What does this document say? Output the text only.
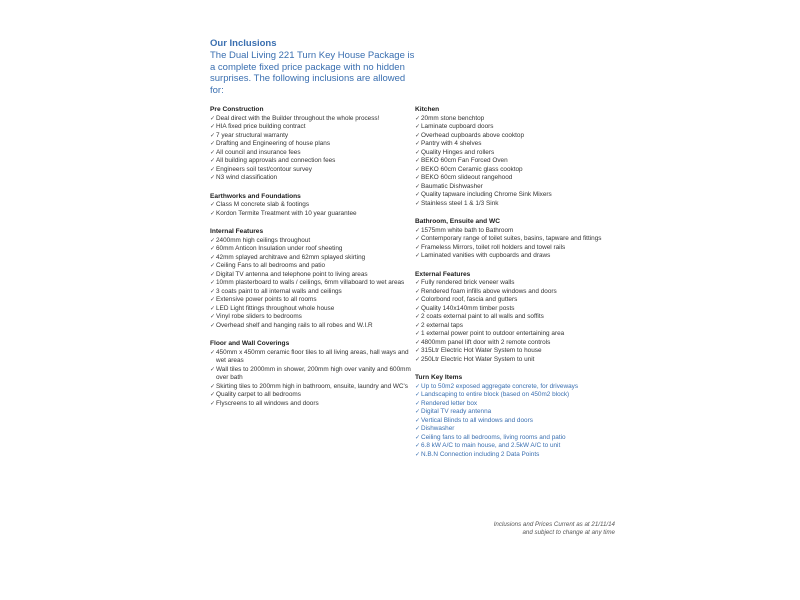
Our Inclusions
The Dual Living 221 Turn Key House Package is a complete fixed price package with no hidden surprises. The following inclusions are allowed for:
Pre Construction
✓ Deal direct with the Builder throughout the whole process!
✓ HIA fixed price building contract
✓ 7 year structural warranty
✓ Drafting and Engineering of house plans
✓ All council and insurance fees
✓ All building approvals and connection fees
✓ Engineers soil test/contour survey
✓ N3 wind classification
Earthworks and Foundations
✓ Class M concrete slab & footings
✓ Kordon Termite Treatment with 10 year guarantee
Internal Features
✓ 2400mm high ceilings throughout
✓ 60mm Anticon Insulation under roof sheeting
✓ 42mm splayed architrave and 62mm splayed skirting
✓ Ceiling Fans to all bedrooms and patio
✓ Digital TV antenna and telephone point to living areas
✓ 10mm plasterboard to walls / ceilings, 6mm villaboard to wet areas
✓ 3 coats paint to all internal walls and ceilings
✓ Extensive power points to all rooms
✓ LED Light fittings throughout whole house
✓ Vinyl robe sliders to bedrooms
✓ Overhead shelf and hanging rails to all robes and W.I.R
Floor and Wall Coverings
✓ 450mm x 450mm ceramic floor tiles to all living areas, hall ways and wet areas
✓ Wall tiles to 2000mm in shower, 200mm high over vanity and 600mm over bath
✓ Skirting tiles to 200mm high in bathroom, ensuite, laundry and WC's
✓ Quality carpet to all bedrooms
✓ Flyscreens to all windows and doors
Kitchen
✓ 20mm stone benchtop
✓ Laminate cupboard doors
✓ Overhead cupboards above cooktop
✓ Pantry with 4 shelves
✓ Quality Hinges and rollers
✓ BEKO 60cm Fan Forced Oven
✓ BEKO 60cm Ceramic glass cooktop
✓ BEKO 60cm slideout rangehood
✓ Baumatic Dishwasher
✓ Quality tapware including Chrome Sink Mixers
✓ Stainless steel 1 & 1/3 Sink
Bathroom, Ensuite and WC
✓ 1575mm white bath to Bathroom
✓ Contemporary range of toilet suites, basins, tapware and fittings
✓ Frameless Mirrors, toilet roll holders and towel rails
✓ Laminated vanities with cupboards and draws
External Features
✓ Fully rendered brick veneer walls
✓ Rendered foam infills above windows and doors
✓ Colorbond roof, fascia and gutters
✓ Quality 140x140mm timber posts
✓ 2 coats external paint to all walls and soffits
✓ 2 external taps
✓ 1 external power point to outdoor entertaining area
✓ 4800mm panel lift door with 2 remote controls
✓ 315Ltr Electric Hot Water System to house
✓ 250Ltr Electric Hot Water System to unit
Turn Key Items
✓ Up to 50m2 exposed aggregate concrete, for driveways
✓ Landscaping to entire block (based on 450m2 block)
✓ Rendered letter box
✓ Digital TV ready antenna
✓ Vertical Blinds to all windows and doors
✓ Dishwasher
✓ Ceiling fans to all bedrooms, living rooms and patio
✓ 6.8 kW A/C to main house, and 2.5kW A/C to unit
✓ N.B.N Connection including 2 Data Points
Inclusions and Prices Current as at 21/11/14
and subject to change at any time
